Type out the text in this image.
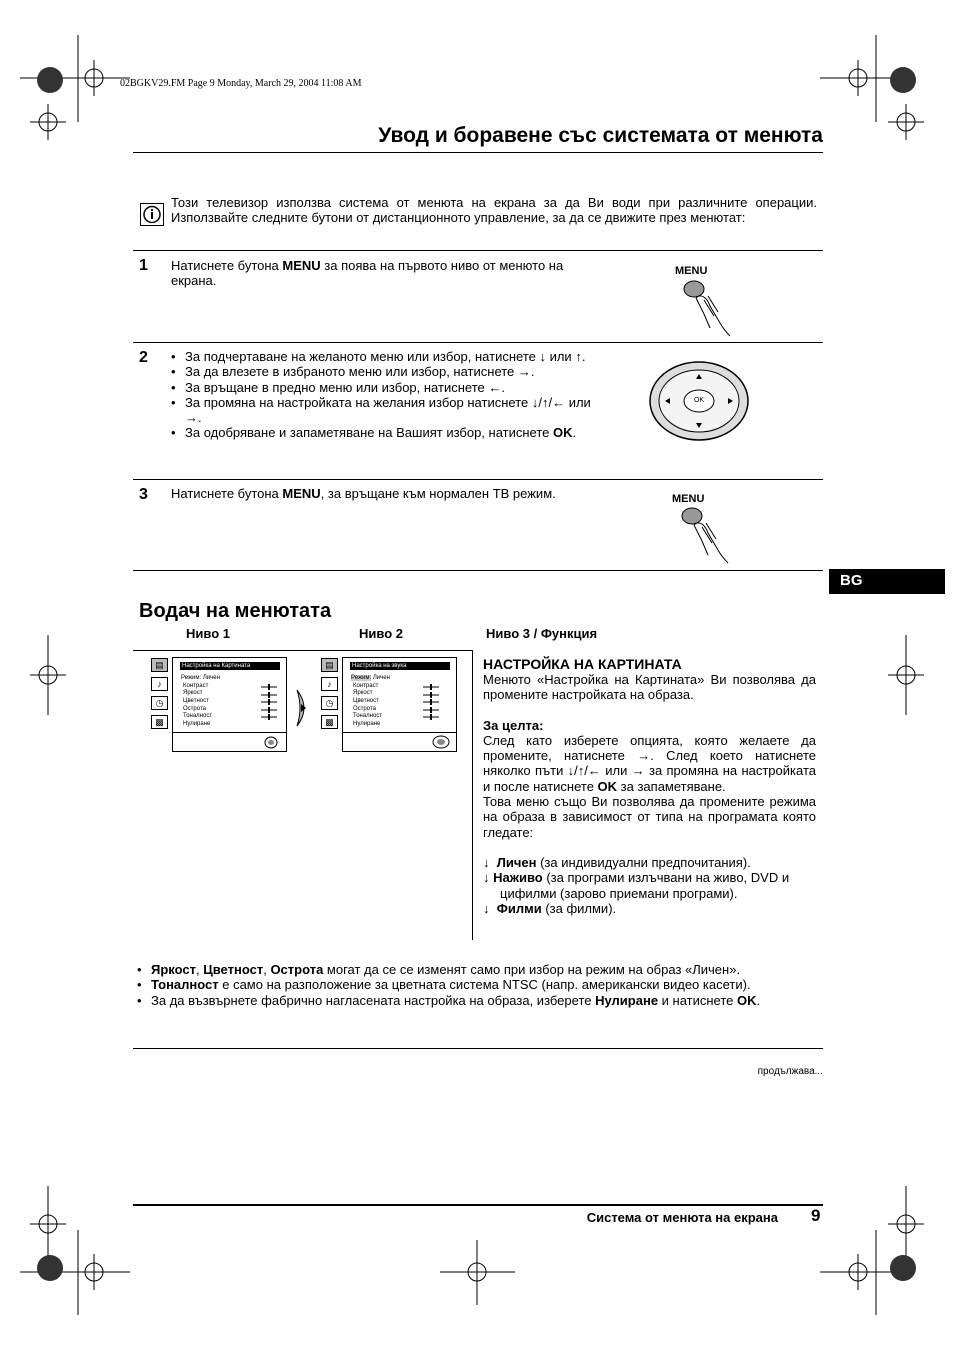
02BGKV29.FM Page 9 Monday, March 29, 2004 11:08 AM
Увод и боравене със системата от менюта
Този телевизор използва система от менюта на екрана за да Ви води при различните операции. Използвайте следните бутони от дистанционното управление, за да се движите през менютат:
1 Натиснете бутона MENU за поява на първото ниво от менюто на екрана.
MENU
2
•	За подчертаване на желаното меню или избор, натиснете ↓ или ↑.
• За да влезете в избраното меню или избор, натиснете →.
• За връщане в предно меню или избор, натиснете ←.
• За промяна на настройката на желания избор натиснете ↓/↑/← или →.
• За одобряване и запаметяване на Вашият избор, натиснете OK.
OK
3 Натиснете бутона MENU, за връщане към нормален ТВ режим.	MENU
BG
Водач на менютата
Ниво 1	Ниво 2	Ниво 3 / Функция
▤
♪
◷
▩
Настройка на Картината
Режим: Личен
Контраст
Яркост
Цветност
Острота
Тоналност
Нулиране
▤
♪
◷
▩
Настройка на звука
Режим: Личен
Контраст
Яркост
Цветност
Острота
Тоналност
Нулиране
НАСТРОЙКА НА КАРТИНАТА
Менюто «Настройка на Картината» Ви позволява да промените настройката на образа.
За целта:
След като изберете опцията, която желаете да промените, натиснете →. След което натиснете няколко пъти ↓/↑/← или → за промяна на настройката и после натиснете OK за запаметяване.
Това меню също Ви позволява да промените режима на образа в зависимост от типа на програмата която гледате:
↓  Личен (за индивидуални предпочитания).
↓ Наживо (за програми излъчвани на живо, DVD и цифилми (зарово приемани програми).
↓  Филми (за филми).
• Яркост, Цветност, Острота могат да се се изменят само при избор на режим на образ «Личен».
• Тоналност е само на разположение за цветната система NTSC (напр. американски видео касети).
• За да възвърнете фабрично нагласената настройка на образа, изберете Нулиране и натиснете OK.
продължава...
Система от менюта на екрана 9
